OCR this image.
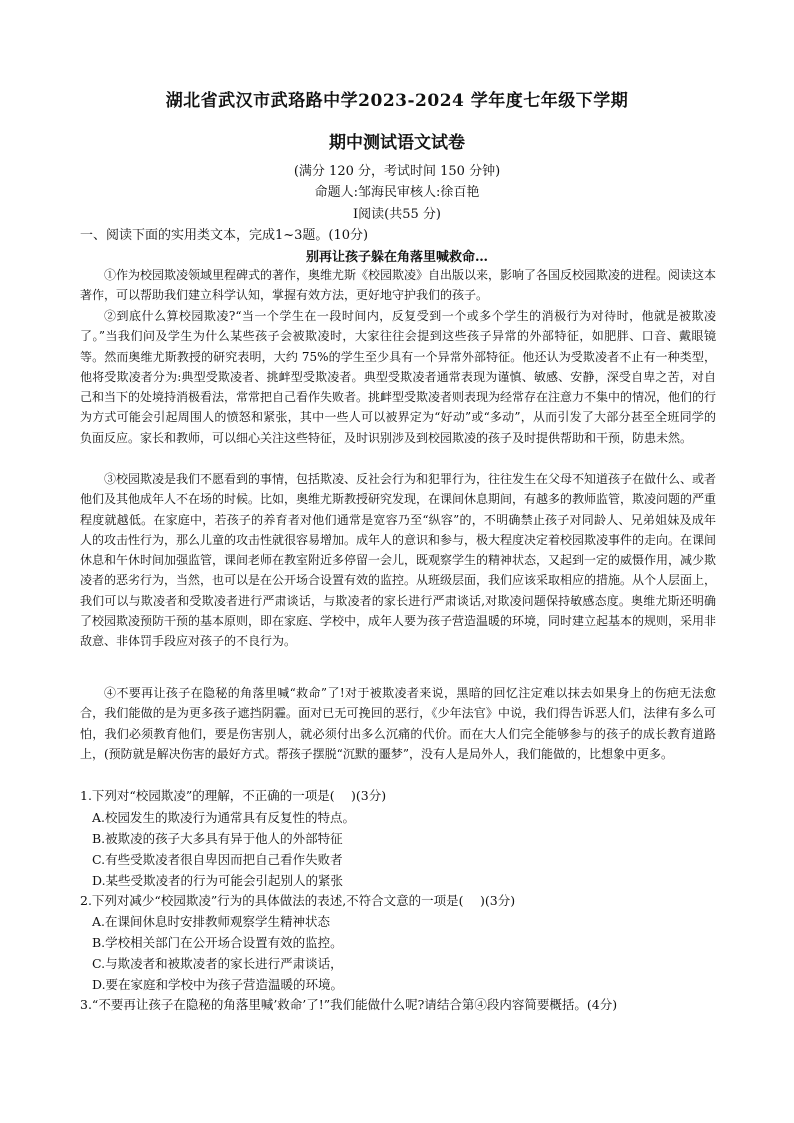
湖北省武汉市武珞路中学2023-2024 学年度七年级下学期
期中测试语文试卷
(满分 120 分，考试时间 150 分钟)
命题人:邹海民审核人:徐百艳
Ⅰ阅读(共55 分)
一、阅读下面的实用类文本，完成1~3题。(10分)
别再让孩子躲在角落里喊救命…

①作为校园欺凌领域里程碑式的著作，奥维尤斯《校园欺凌》自出版以来，影响了各国反校园欺凌的进程。阅读这本著作，可以帮助我们建立科学认知，掌握有效方法，更好地守护我们的孩子。

②到底什么算校园欺凌?“当一个学生在一段时间内，反复受到一个或多个学生的消极行为对待时，他就是被欺凌了。”当我们问及学生为什么某些孩子会被欺凌时，大家往往会提到这些孩子异常的外部特征，如肥胖、口音、戴眼镜等。然而奥维尤斯教授的研究表明，大约 75%的学生至少具有一个异常外部特征。他还认为受欺凌者不止有一种类型，他将受欺凌者分为:典型受欺凌者、挑衅型受欺凌者。典型受欺凌者通常表现为谨慎、敏感、安静，深受自卑之苦，对自己和当下的处境持消极看法，常常把自己看作失败者。挑衅型受欺凌者则表现为经常存在注意力不集中的情况，他们的行为方式可能会引起周围人的愤怒和紧张，其中一些人可以被界定为“好动”或“多动”，从而引发了大部分甚至全班同学的负面反应。家长和教师，可以细心关注这些特征，及时识别涉及到校园欺凌的孩子及时提供帮助和干预，防患未然。

③校园欺凌是我们不愿看到的事情，包括欺凌、反社会行为和犯罪行为，往往发生在父母不知道孩子在做什么、或者他们及其他成年人不在场的时候。比如，奥维尤斯教授研究发现，在课间休息期间，有越多的教师监管，欺凌问题的严重程度就越低。在家庭中，若孩子的养育者对他们通常是宽容乃至“纵容”的，不明确禁止孩子对同龄人、兄弟姐妹及成年人的攻击性行为，那么儿童的攻击性就很容易增加。成年人的意识和参与，极大程度决定着校园欺凌事件的走向。在课间休息和午休时间加强监管，课间老师在教室附近多停留一会儿，既观察学生的精神状态，又起到一定的威慑作用，减少欺凌者的恶劣行为，当然，也可以是在公开场合设置有效的监控。从班级层面，我们应该采取相应的措施。从个人层面上，我们可以与欺凌者和受欺凌者进行严肃谈话，与欺凌者的家长进行严肃谈话,对欺凌问题保持敏感态度。奥维尤斯还明确了校园欺凌预防干预的基本原则，即在家庭、学校中，成年人要为孩子营造温暖的环境，同时建立起基本的规则，采用非敌意、非体罚手段应对孩子的不良行为。

④不要再让孩子在隐秘的角落里喊“救命”了!对于被欺凌者来说，黑暗的回忆注定难以抹去如果身上的伤疤无法愈合，我们能做的是为更多孩子遮挡阴霾。面对已无可挽回的恶行，《少年法官》中说，我们得告诉恶人们，法律有多么可怕，我们必须教育他们，要是伤害别人，就必须付出多么沉痛的代价。而在大人们完全能够参与的孩子的成长教育道路上，(预防就是解决伤害的最好方式。帮孩子摆脱“沉默的噩梦”，没有人是局外人，我们能做的，比想象中更多。

1.下列对“校园欺凌”的理解，不正确的一项是(　 )(3分)
A.校园发生的欺凌行为通常具有反复性的特点。
B.被欺凌的孩子大多具有异于他人的外部特征
C.有些受欺凌者很自卑因而把自己看作失败者
D.某些受欺凌者的行为可能会引起别人的紧张
2.下列对减少“校园欺凌”行为的具体做法的表述,不符合文意的一项是(　 )(3分)
A.在课间休息时安排教师观察学生精神状态
B.学校相关部门在公开场合设置有效的监控。
C.与欺凌者和被欺凌者的家长进行严肃谈话，
D.要在家庭和学校中为孩子营造温暖的环境。
3.“不要再让孩子在隐秘的角落里喊’救命’了!”我们能做什么呢?请结合第④段内容简要概括。(4分)
